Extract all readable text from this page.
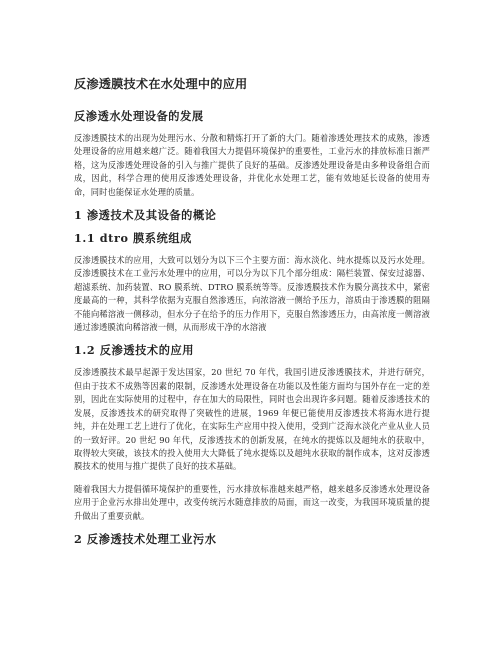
反渗透膜技术在水处理中的应用
反渗透水处理设备的发展

反渗透膜技术的出现为处理污水、分散和精炼打开了新的大门。随着渗透处理技术的成熟，渗透处理设备的应用越来越广泛。随着我国大力提倡环境保护的重要性，工业污水的排放标准日渐严格，这为反渗透处理设备的引入与推广提供了良好的基础。反渗透处理设备是由多种设备组合而成，因此，科学合理的使用反渗透处理设备，并优化水处理工艺，能有效地延长设备的使用寿命，同时也能保证水处理的质量。

1 渗透技术及其设备的概论
1.1 dtro 膜系统组成

反渗透膜技术的应用，大致可以划分为以下三个主要方面：海水淡化、纯水提炼以及污水处理。反渗透膜技术在工业污水处理中的应用，可以分为以下几个部分组成：隔栏装置、保安过滤器、超滤系统、加药装置、RO 膜系统、DTRO 膜系统等等。反渗透膜技术作为膜分离技术中，紧密度最高的一种，其科学依据为克服自然渗透压，向浓溶液一侧给予压力，溶质由于渗透膜的阻隔不能向稀溶液一侧移动，但水分子在给予的压力作用下，克服自然渗透压力，由高浓度一侧溶液通过渗透膜流向稀溶液一侧，从而形成干净的水溶液

1.2 反渗透技术的应用

反渗透膜技术最早起源于发达国家，20 世纪 70 年代，我国引进反渗透膜技术，并进行研究，但由于技术不成熟等因素的限制，反渗透水处理设备在功能以及性能方面均与国外存在一定的差别，因此在实际使用的过程中，存在加大的局限性，同时也会出现许多问题。随着反渗透技术的发展，反渗透技术的研究取得了突破性的进展，1969 年便已能使用反渗透技术将海水进行提纯，并在处理工艺上进行了优化，在实际生产应用中投入使用，受到广泛海水淡化产业从业人员的一致好评。20 世纪 90 年代，反渗透技术的创新发展，在纯水的提炼以及超纯水的获取中，取得较大突破，该技术的投入使用大大降低了纯水提炼以及超纯水获取的制作成本，这对反渗透膜技术的使用与推广提供了良好的技术基础。

随着我国大力提倡循环境保护的重要性，污水排放标准越来越严格，越来越多反渗透水处理设备应用于企业污水排出处理中，改变传统污水随意排放的局面，而这一改变，为我国环境质量的提升做出了重要贡献。

2 反渗透技术处理工业污水
